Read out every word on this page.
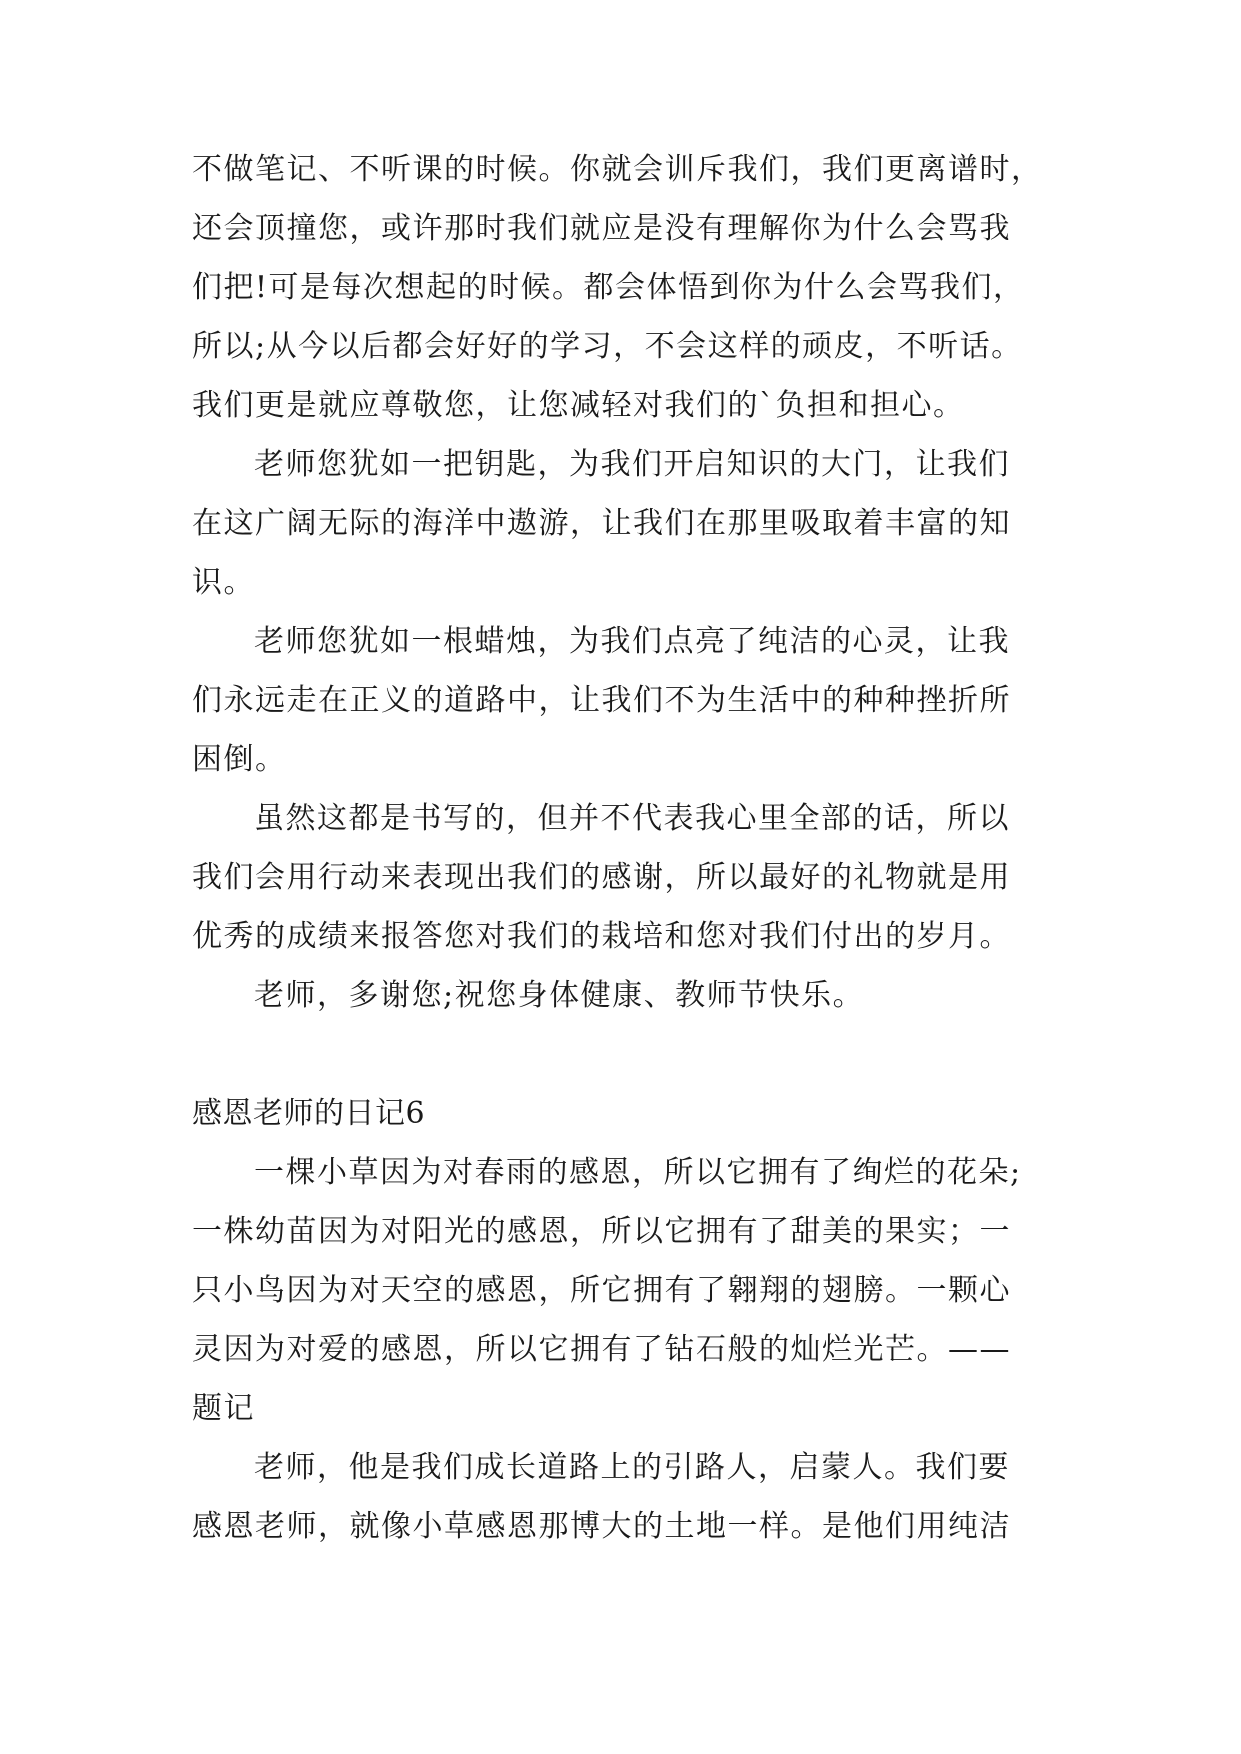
不做笔记、不听课的时候。你就会训斥我们，我们更离谱时，
还会顶撞您，或许那时我们就应是没有理解你为什么会骂我
们把!可是每次想起的时候。都会体悟到你为什么会骂我们，
所以;从今以后都会好好的学习，不会这样的顽皮，不听话。
我们更是就应尊敬您，让您减轻对我们的`负担和担心。
老师您犹如一把钥匙，为我们开启知识的大门，让我们
在这广阔无际的海洋中遨游，让我们在那里吸取着丰富的知
识。
老师您犹如一根蜡烛，为我们点亮了纯洁的心灵，让我
们永远走在正义的道路中，让我们不为生活中的种种挫折所
困倒。
虽然这都是书写的，但并不代表我心里全部的话，所以
我们会用行动来表现出我们的感谢，所以最好的礼物就是用
优秀的成绩来报答您对我们的栽培和您对我们付出的岁月。
老师，多谢您;祝您身体健康、教师节快乐。
感恩老师的日记6
一棵小草因为对春雨的感恩，所以它拥有了绚烂的花朵;
一株幼苗因为对阳光的感恩，所以它拥有了甜美的果实；一
只小鸟因为对天空的感恩，所它拥有了翱翔的翅膀。一颗心
灵因为对爱的感恩，所以它拥有了钻石般的灿烂光芒。——
题记
老师，他是我们成长道路上的引路人，启蒙人。我们要
感恩老师，就像小草感恩那博大的土地一样。是他们用纯洁
